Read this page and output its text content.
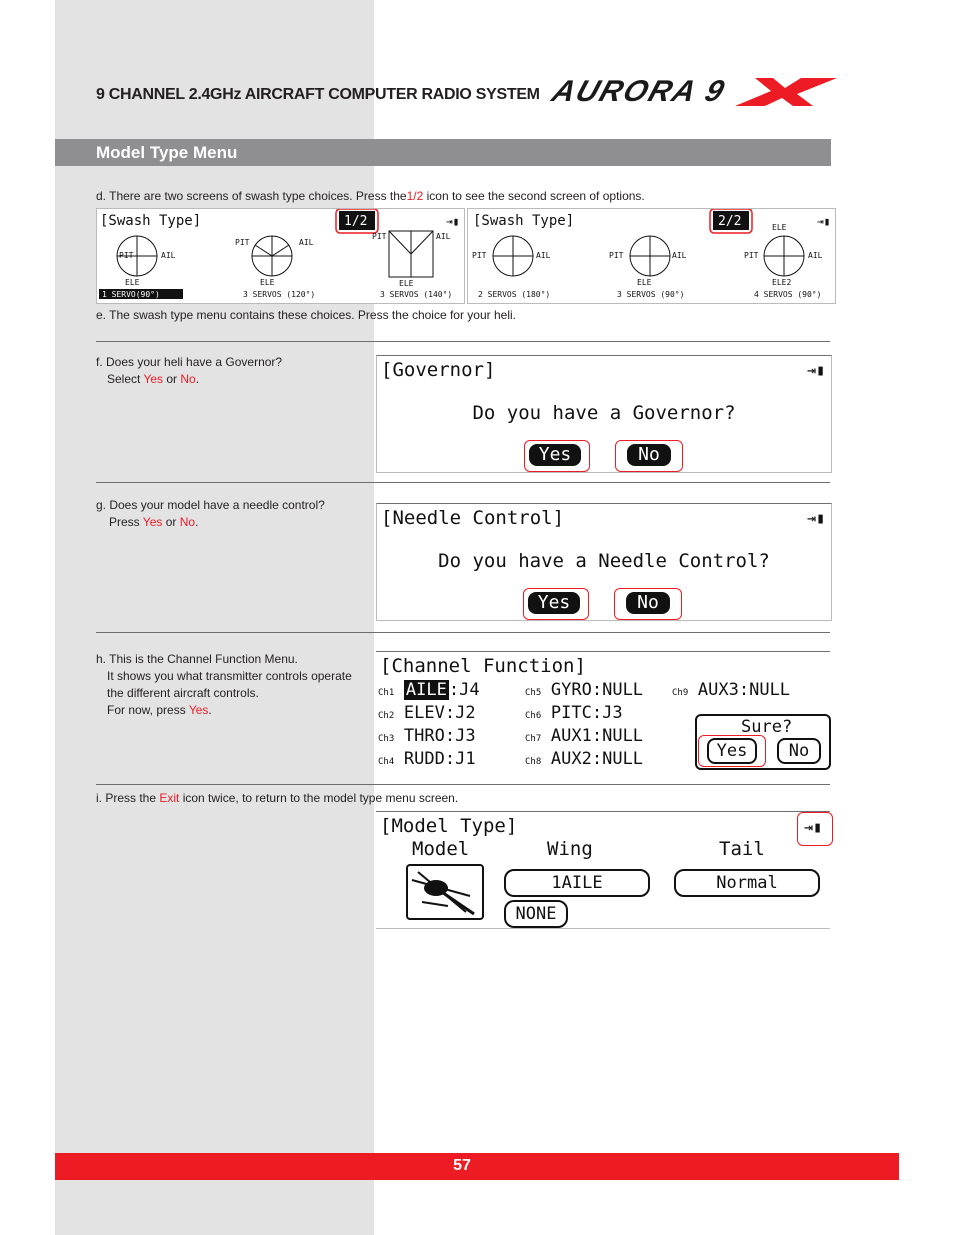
9 CHANNEL 2.4GHz AIRCRAFT COMPUTER RADIO SYSTEM AURORA 9
Model Type Menu
d. There are two screens of swash type choices. Press the1/2 icon to see the second screen of options.
[Swash Type]	1/2	⇥▮
PIT	AIL
ELE
1 SERVO(90°)
PIT	AIL
ELE
3 SERVOS (120°)
PIT	AIL
ELE
3 SERVOS (140°)
[Swash Type]	2/2	⇥▮
PIT	AIL
2 SERVOS (180°)
PIT	AIL
ELE
3 SERVOS (90°)
PIT	AIL
ELE
ELE2
4 SERVOS (90°)
e. The swash type menu contains these choices. Press the choice for your heli.
f. Does your heli have a Governor?
Select Yes or No.	[Governor]	⇥▮
Do you have a Governor?
Yes	No
g. Does your model have a needle control?
Press Yes or No.	[Needle Control]	⇥▮
Do you have a Needle Control?
Yes	No
h. This is the Channel Function Menu.
It shows you what transmitter controls operate
the different aircraft controls.
For now, press Yes.
[Channel Function]
Ch1 AILE :J4
Ch2 ELEV:J2
Ch3 THRO:J3
Ch4 RUDD:J1
Ch5 GYRO:NULL
Ch6 PITC:J3
Ch7 AUX1:NULL
Ch8 AUX2:NULL
Ch9 AUX3:NULL
Sure?
Yes	No
i. Press the Exit icon twice, to return to the model type menu screen.
[Model Type]	⇥▮
Model	Wing	Tail
1AILE	Normal
NONE
57
